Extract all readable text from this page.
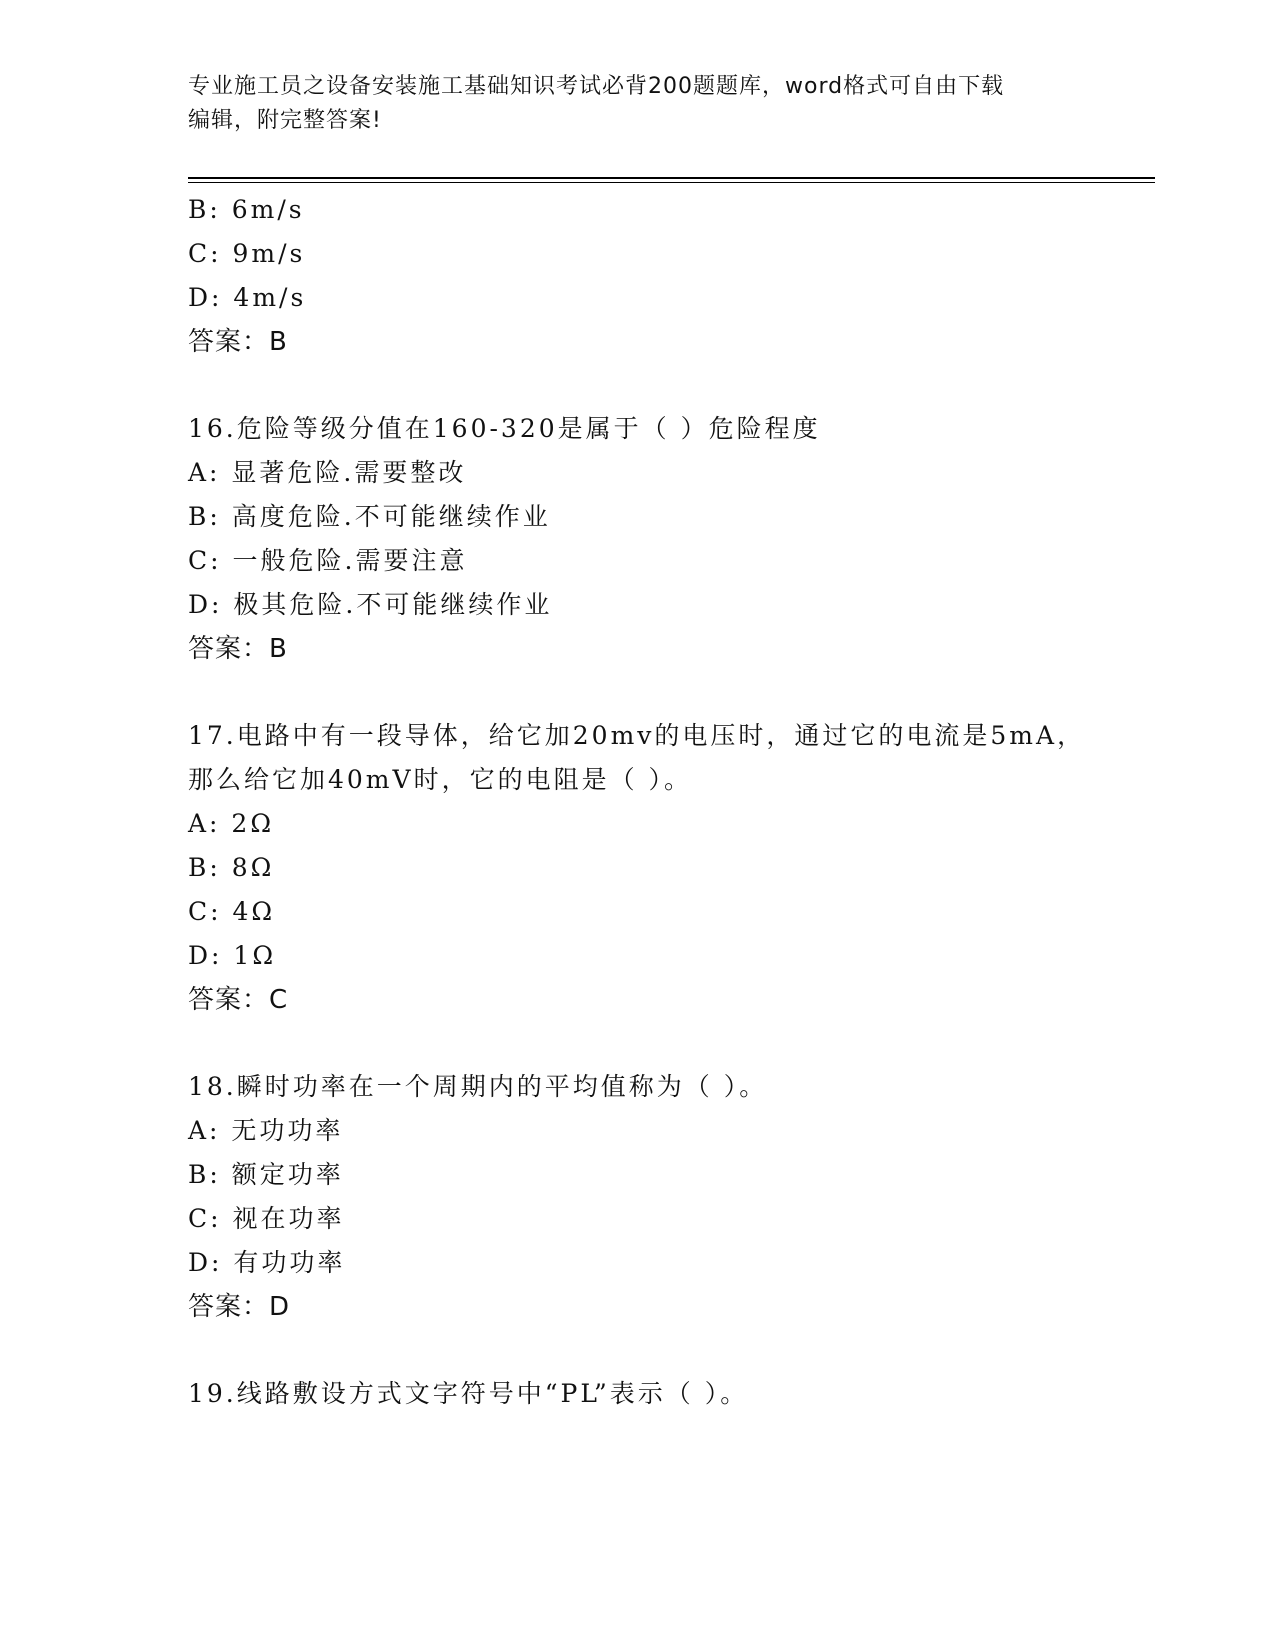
专业施工员之设备安装施工基础知识考试必背200题题库，word格式可自由下载
编辑，附完整答案!
B: 6m/s
C: 9m/s
D: 4m/s
答案：B
16.危险等级分值在160-320是属于（ ）危险程度
A: 显著危险.需要整改
B: 高度危险.不可能继续作业
C: 一般危险.需要注意
D: 极其危险.不可能继续作业
答案：B
17.电路中有一段导体，给它加20mv的电压时，通过它的电流是5mA，
那么给它加40mV时，它的电阻是（ ）。
A: 2Ω
B: 8Ω
C: 4Ω
D: 1Ω
答案：C
18.瞬时功率在一个周期内的平均值称为（ ）。
A: 无功功率
B: 额定功率
C: 视在功率
D: 有功功率
答案：D
19.线路敷设方式文字符号中“PL”表示（ ）。
